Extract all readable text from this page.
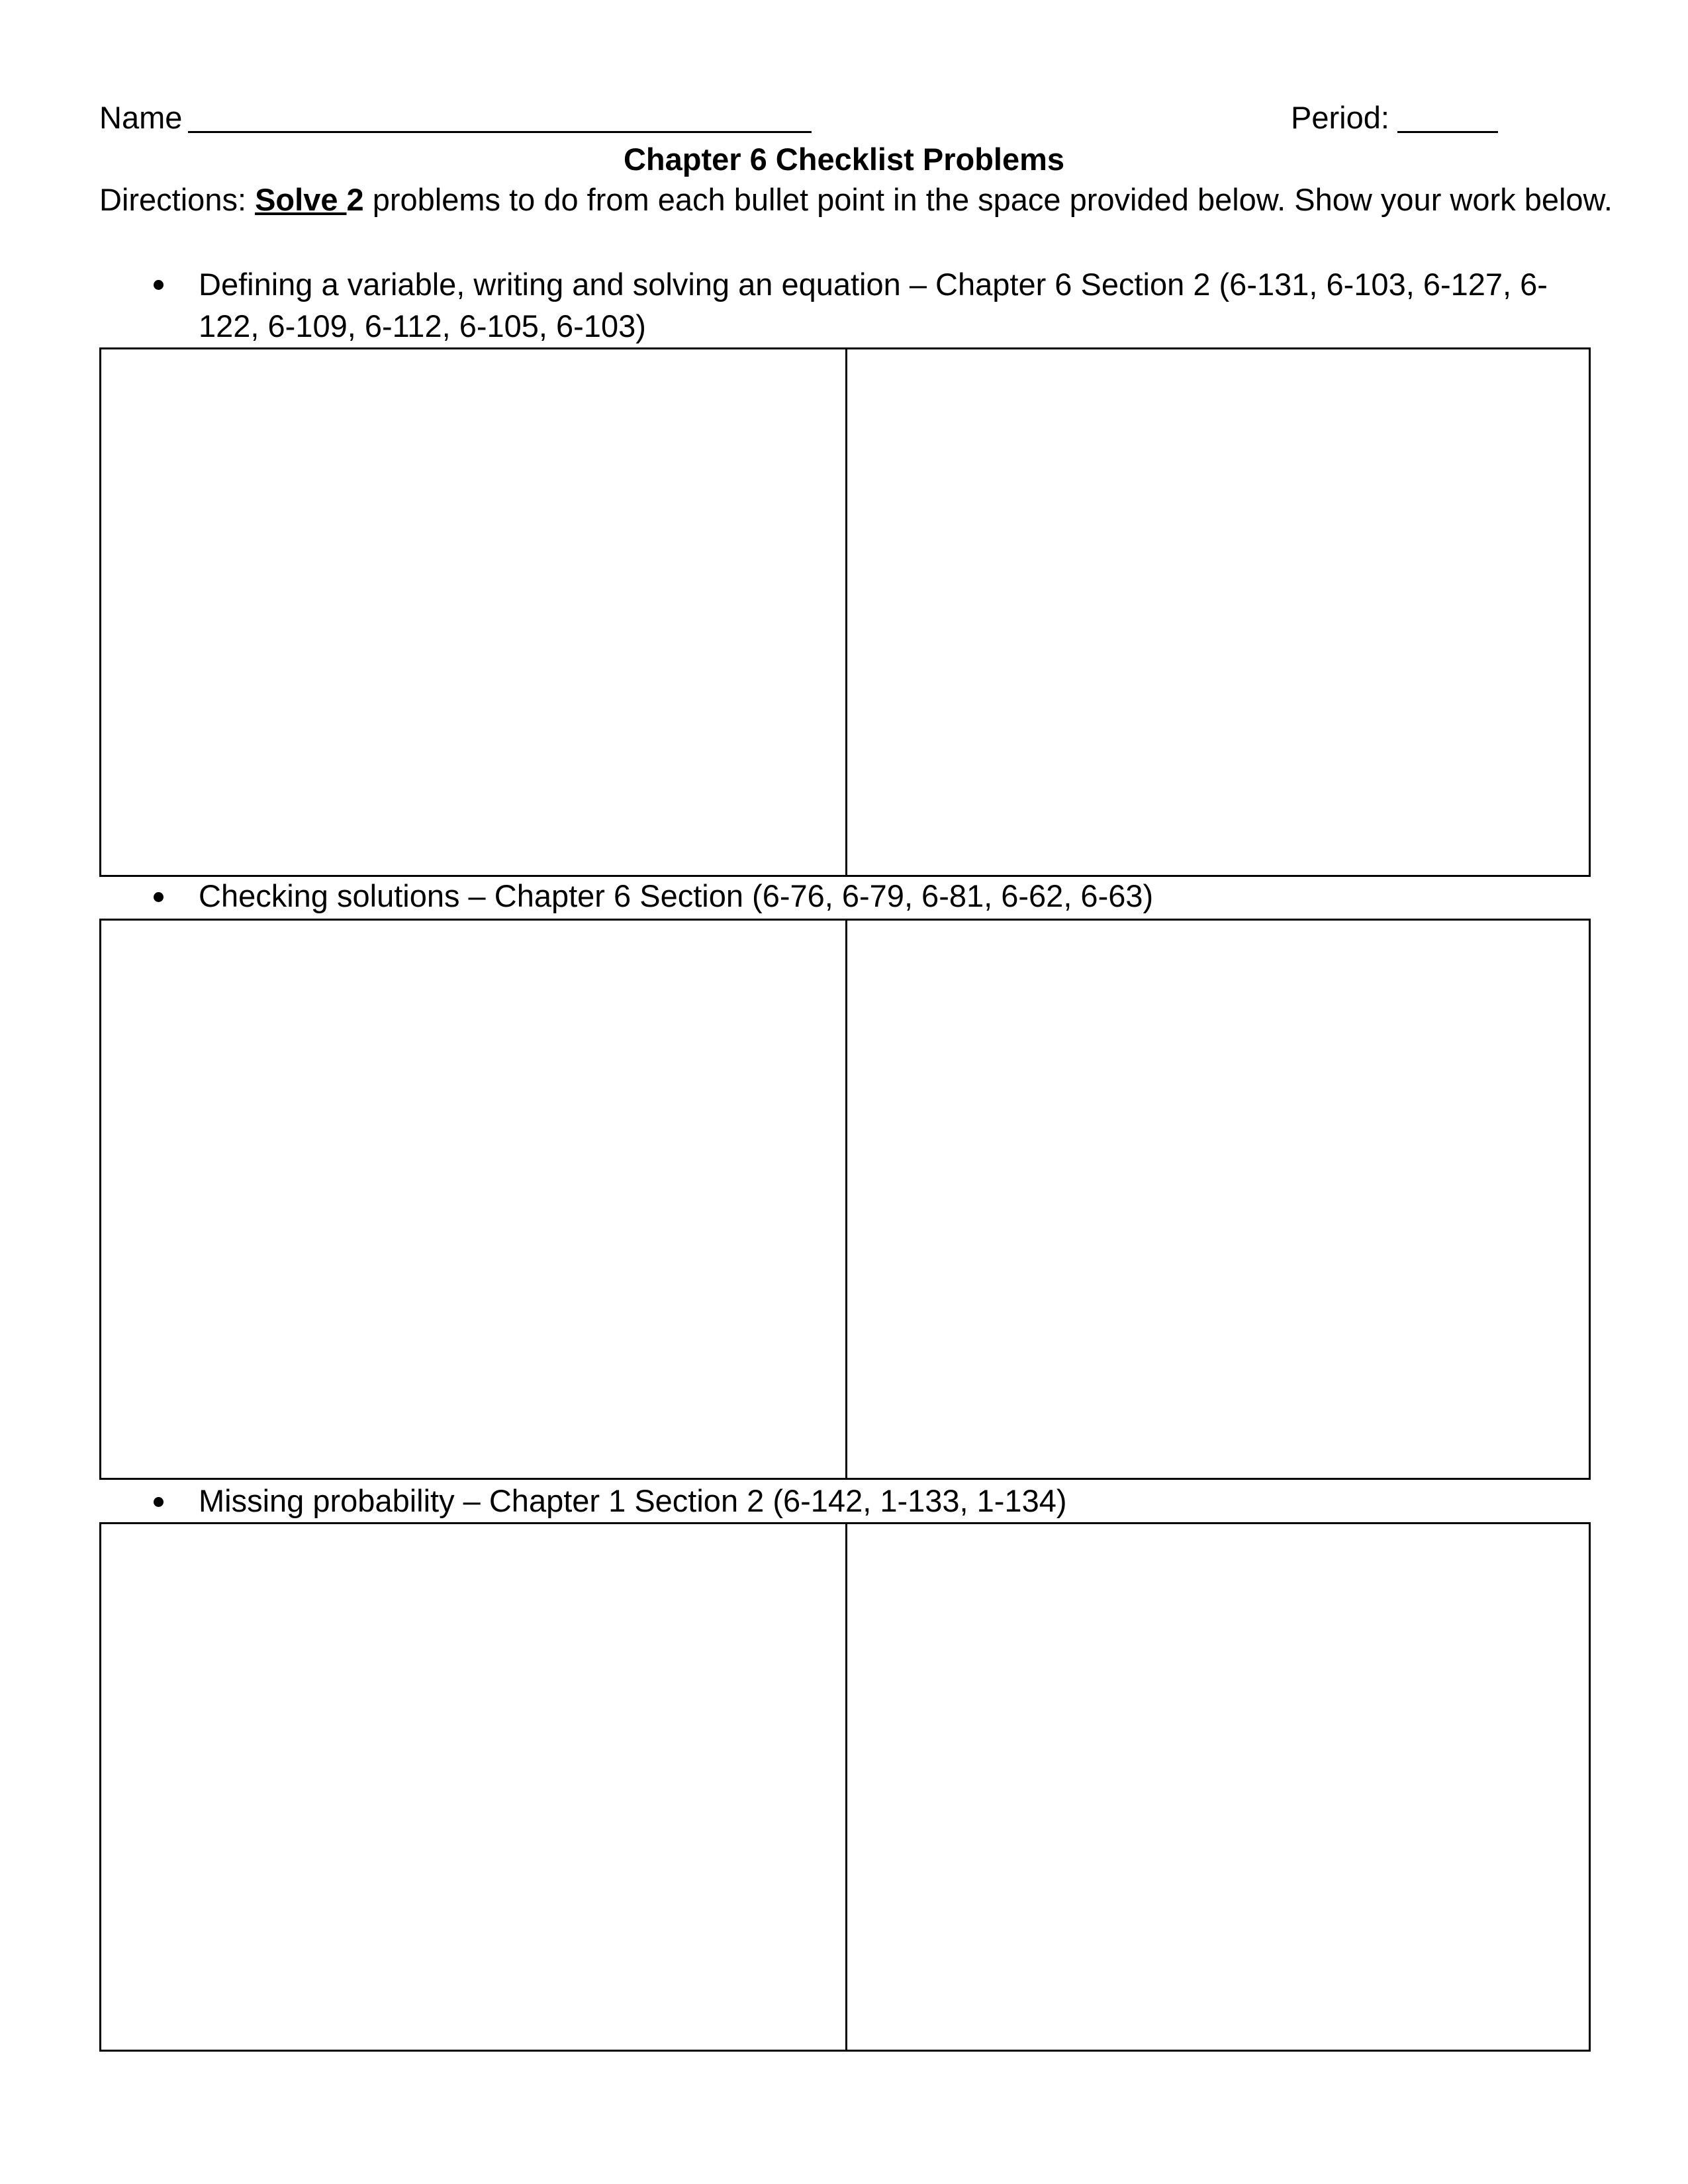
Name	Period:
Chapter 6 Checklist Problems
Directions: Solve 2 problems to do from each bullet point in the space provided below. Show your work below.
Defining a variable, writing and solving an equation – Chapter 6 Section 2 (6-131, 6-103, 6-127, 6-122, 6-109, 6-112, 6-105, 6-103)
Checking solutions – Chapter 6 Section (6-76, 6-79, 6-81, 6-62, 6-63)
Missing probability – Chapter 1 Section 2 (6-142, 1-133, 1-134)
